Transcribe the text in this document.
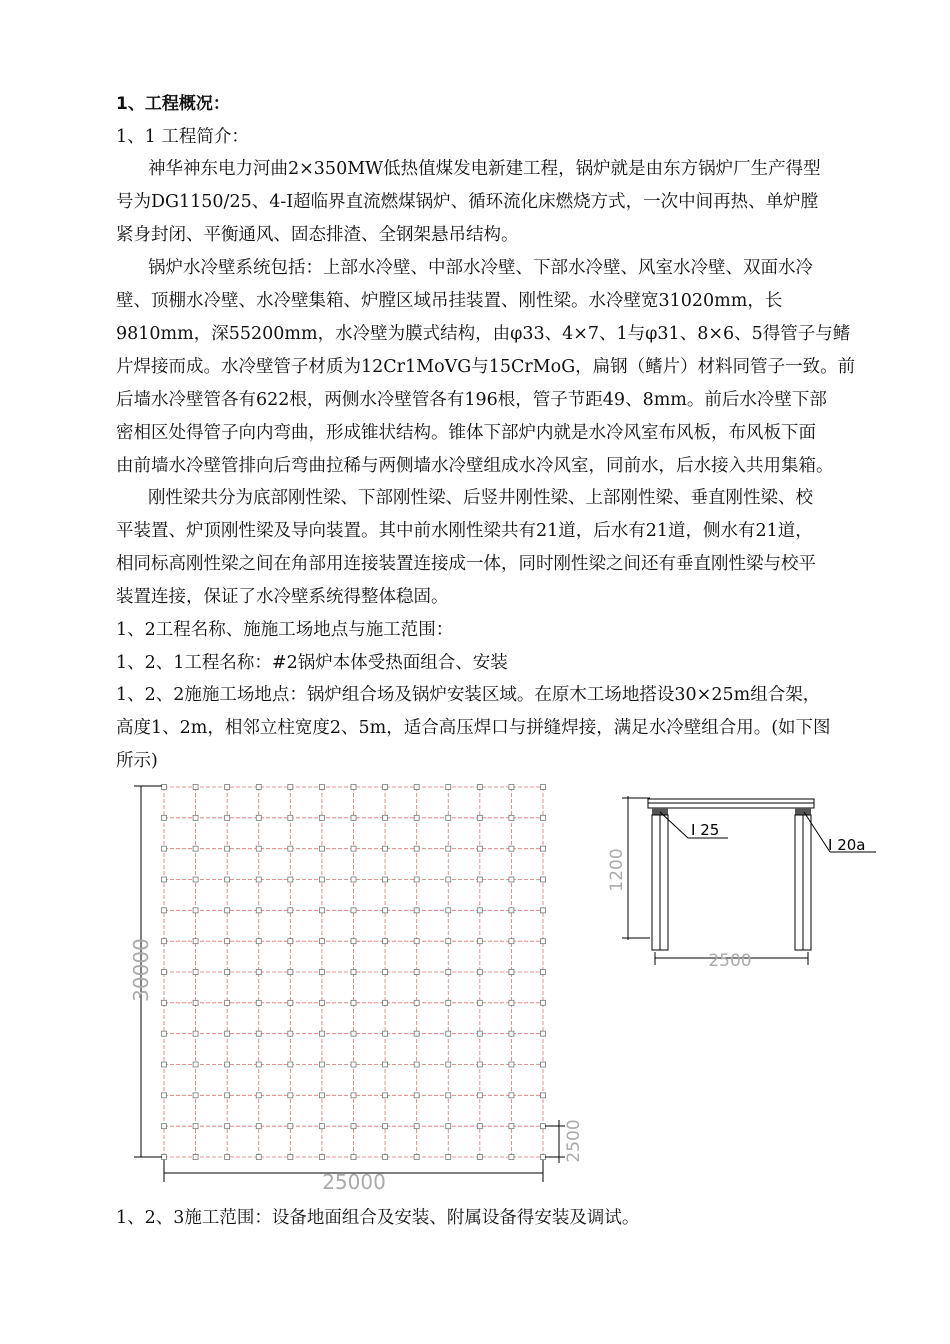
1、工程概况：
1、1 工程简介：
神华神东电力河曲2×350MW低热值煤发电新建工程，锅炉就是由东方锅炉厂生产得型
号为DG1150/25、4-I超临界直流燃煤锅炉、循环流化床燃烧方式，一次中间再热、单炉膛
紧身封闭、平衡通风、固态排渣、全钢架悬吊结构。
锅炉水冷壁系统包括：上部水冷壁、中部水冷壁、下部水冷壁、风室水冷壁、双面水冷
壁、顶棚水冷壁、水冷壁集箱、炉膛区域吊挂装置、刚性梁。水冷壁宽31020mm，长
9810mm，深55200mm，水冷壁为膜式结构，由φ33、4×7、1与φ31、8×6、5得管子与鳍
片焊接而成。水冷壁管子材质为12Cr1MoVG与15CrMoG，扁钢（鳍片）材料同管子一致。前
后墙水冷壁管各有622根，两侧水冷壁管各有196根，管子节距49、8mm。前后水冷壁下部
密相区处得管子向内弯曲，形成锥状结构。锥体下部炉内就是水冷风室布风板，布风板下面
由前墙水冷壁管排向后弯曲拉稀与两侧墙水冷壁组成水冷风室，同前水，后水接入共用集箱。
刚性梁共分为底部刚性梁、下部刚性梁、后竖井刚性梁、上部刚性梁、垂直刚性梁、校
平装置、炉顶刚性梁及导向装置。其中前水刚性梁共有21道，后水有21道，侧水有21道，
相同标高刚性梁之间在角部用连接装置连接成一体，同时刚性梁之间还有垂直刚性梁与校平
装置连接，保证了水冷壁系统得整体稳固。
1、2工程名称、施施工场地点与施工范围：
1、2、1工程名称：#2锅炉本体受热面组合、安装
1、2、2施施工场地点：锅炉组合场及锅炉安装区域。在原木工场地搭设30×25m组合架，
高度1、2m，相邻立柱宽度2、5m，适合高压焊口与拼缝焊接，满足水冷壁组合用。(如下图
所示)
30000
25000
2500
1200
2500
I 25
I 20a
1、2、3施工范围：设备地面组合及安装、附属设备得安装及调试。
